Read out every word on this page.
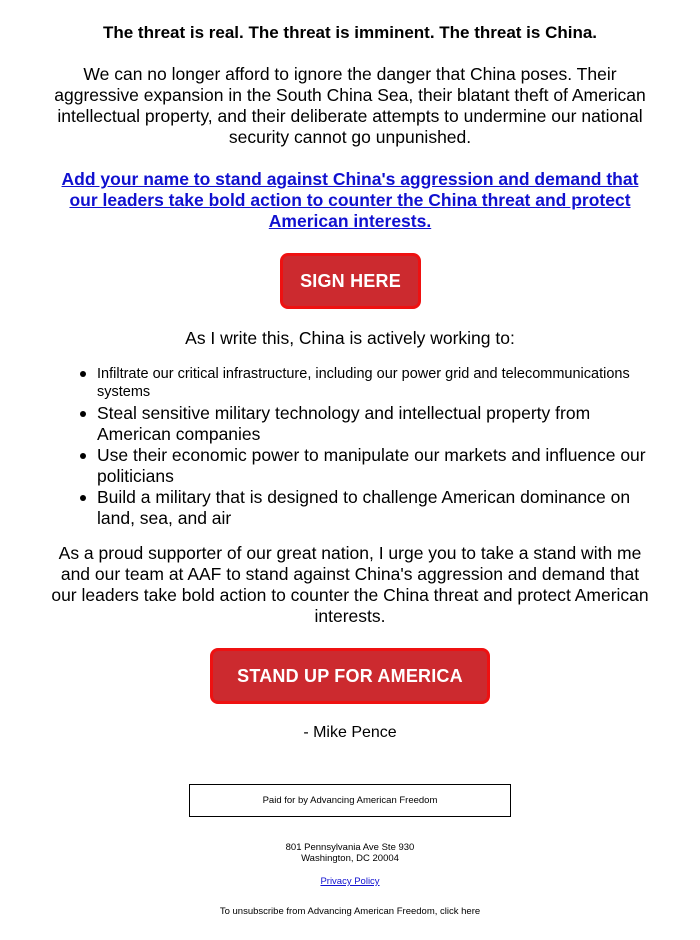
The threat is real. The threat is imminent. The threat is China.
We can no longer afford to ignore the danger that China poses. Their aggressive expansion in the South China Sea, their blatant theft of American intellectual property, and their deliberate attempts to undermine our national security cannot go unpunished.
Add your name to stand against China's aggression and demand that our leaders take bold action to counter the China threat and protect American interests.
SIGN HERE
As I write this, China is actively working to:
Infiltrate our critical infrastructure, including our power grid and telecommunications systems
Steal sensitive military technology and intellectual property from American companies
Use their economic power to manipulate our markets and influence our politicians
Build a military that is designed to challenge American dominance on land, sea, and air
As a proud supporter of our great nation, I urge you to take a stand with me and our team at AAF to stand against China's aggression and demand that our leaders take bold action to counter the China threat and protect American interests.
STAND UP FOR AMERICA
- Mike Pence
Paid for by Advancing American Freedom
801 Pennsylvania Ave Ste 930
Washington, DC 20004
Privacy Policy
To unsubscribe from Advancing American Freedom, click here
